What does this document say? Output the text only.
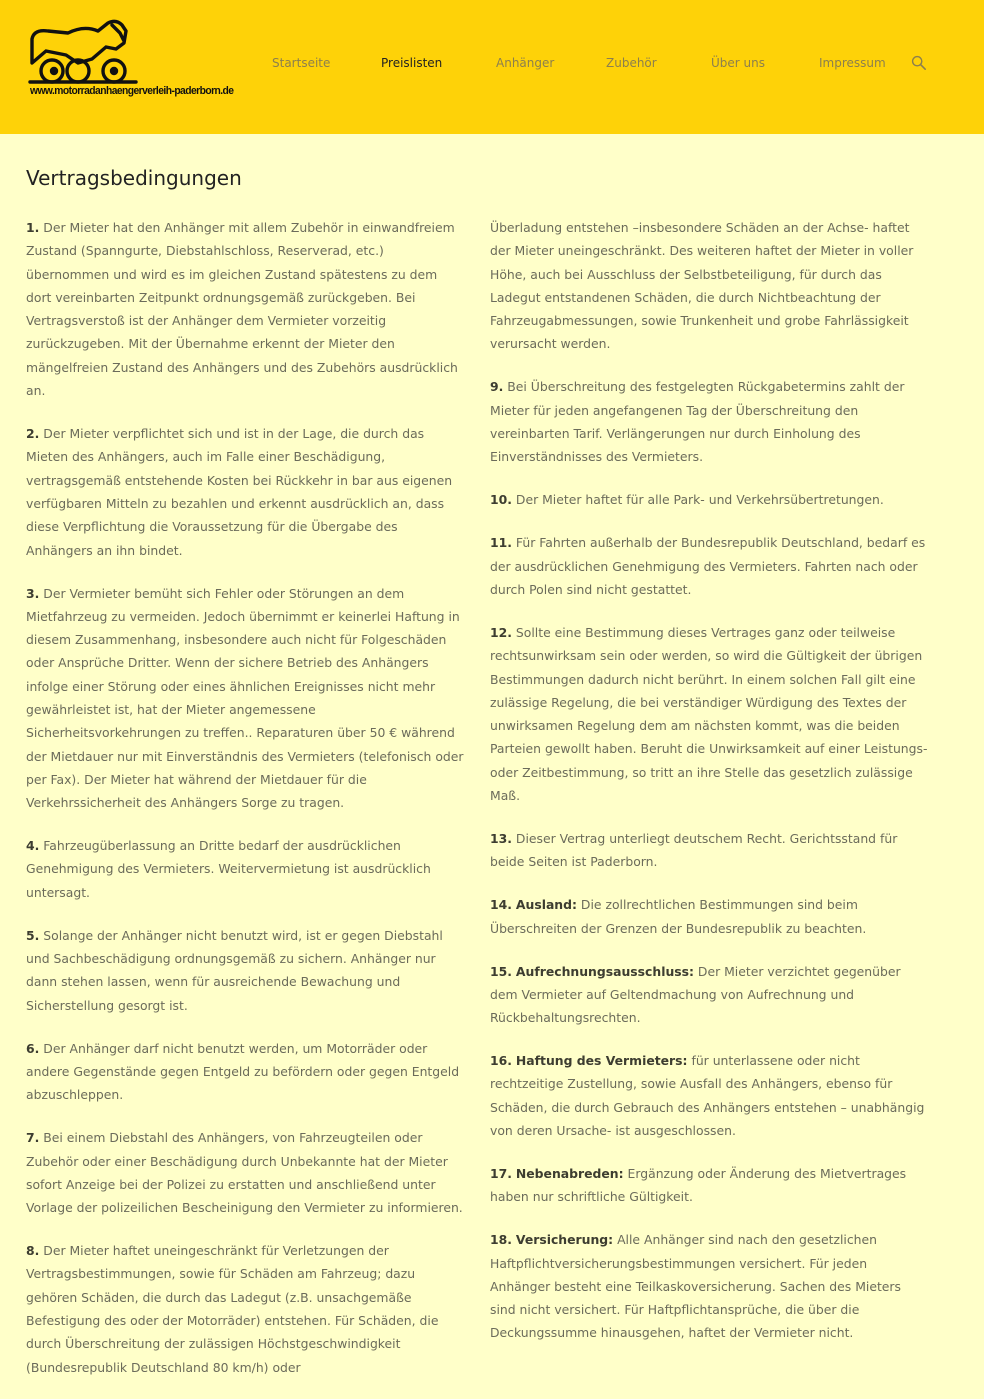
www.motorradanhaengerverleih-paderborn.de
Startseite	Preislisten	Anhänger	Zubehör	Über uns	Impressum
Vertragsbedingungen

1. Der Mieter hat den Anhänger mit allem Zubehör in einwandfreiem Zustand (Spanngurte, Diebstahlschloss, Reserverad, etc.) übernommen und wird es im gleichen Zustand spätestens zu dem dort vereinbarten Zeitpunkt ordnungsgemäß zurückgeben. Bei Vertragsverstoß ist der Anhänger dem Vermieter vorzeitig zurückzugeben. Mit der Übernahme erkennt der Mieter den mängelfreien Zustand des Anhängers und des Zubehörs ausdrücklich an.

2. Der Mieter verpflichtet sich und ist in der Lage, die durch das Mieten des Anhängers, auch im Falle einer Beschädigung, vertragsgemäß entstehende Kosten bei Rückkehr in bar aus eigenen verfügbaren Mitteln zu bezahlen und erkennt ausdrücklich an, dass diese Verpflichtung die Voraussetzung für die Übergabe des Anhängers an ihn bindet.

3. Der Vermieter bemüht sich Fehler oder Störungen an dem Mietfahrzeug zu vermeiden. Jedoch übernimmt er keinerlei Haftung in diesem Zusammenhang, insbesondere auch nicht für Folgeschäden oder Ansprüche Dritter. Wenn der sichere Betrieb des Anhängers infolge einer Störung oder eines ähnlichen Ereignisses nicht mehr gewährleistet ist, hat der Mieter angemessene Sicherheitsvorkehrungen zu treffen.. Reparaturen über 50 € während der Mietdauer nur mit Einverständnis des Vermieters (telefonisch oder per Fax). Der Mieter hat während der Mietdauer für die Verkehrssicherheit des Anhängers Sorge zu tragen.

4. Fahrzeugüberlassung an Dritte bedarf der ausdrücklichen Genehmigung des Vermieters. Weitervermietung ist ausdrücklich untersagt.

5. Solange der Anhänger nicht benutzt wird, ist er gegen Diebstahl und Sachbeschädigung ordnungsgemäß zu sichern. Anhänger nur dann stehen lassen, wenn für ausreichende Bewachung und Sicherstellung gesorgt ist.

6. Der Anhänger darf nicht benutzt werden, um Motorräder oder andere Gegenstände gegen Entgeld zu befördern oder gegen Entgeld abzuschleppen.

7. Bei einem Diebstahl des Anhängers, von Fahrzeugteilen oder Zubehör oder einer Beschädigung durch Unbekannte hat der Mieter sofort Anzeige bei der Polizei zu erstatten und anschließend unter Vorlage der polizeilichen Bescheinigung den Vermieter zu informieren.

8. Der Mieter haftet uneingeschränkt für Verletzungen der Vertragsbestimmungen, sowie für Schäden am Fahrzeug; dazu gehören Schäden, die durch das Ladegut (z.B. unsachgemäße Befestigung des oder der Motorräder) entstehen. Für Schäden, die durch Überschreitung der zulässigen Höchstgeschwindigkeit (Bundesrepublik Deutschland 80 km/h) oder

Überladung entstehen –insbesondere Schäden an der Achse- haftet der Mieter uneingeschränkt. Des weiteren haftet der Mieter in voller Höhe, auch bei Ausschluss der Selbstbeteiligung, für durch das Ladegut entstandenen Schäden, die durch Nichtbeachtung der Fahrzeugabmessungen, sowie Trunkenheit und grobe Fahrlässigkeit verursacht werden.

9. Bei Überschreitung des festgelegten Rückgabetermins zahlt der Mieter für jeden angefangenen Tag der Überschreitung den vereinbarten Tarif. Verlängerungen nur durch Einholung des Einverständnisses des Vermieters.

10. Der Mieter haftet für alle Park- und Verkehrsübertretungen.

11. Für Fahrten außerhalb der Bundesrepublik Deutschland, bedarf es der ausdrücklichen Genehmigung des Vermieters. Fahrten nach oder durch Polen sind nicht gestattet.

12. Sollte eine Bestimmung dieses Vertrages ganz oder teilweise rechtsunwirksam sein oder werden, so wird die Gültigkeit der übrigen Bestimmungen dadurch nicht berührt. In einem solchen Fall gilt eine zulässige Regelung, die bei verständiger Würdigung des Textes der unwirksamen Regelung dem am nächsten kommt, was die beiden Parteien gewollt haben. Beruht die Unwirksamkeit auf einer Leistungs- oder Zeitbestimmung, so tritt an ihre Stelle das gesetzlich zulässige Maß.

13. Dieser Vertrag unterliegt deutschem Recht. Gerichtsstand für beide Seiten ist Paderborn.

14. Ausland: Die zollrechtlichen Bestimmungen sind beim Überschreiten der Grenzen der Bundesrepublik zu beachten.

15. Aufrechnungsausschluss: Der Mieter verzichtet gegenüber dem Vermieter auf Geltendmachung von Aufrechnung und Rückbehaltungsrechten.

16. Haftung des Vermieters: für unterlassene oder nicht rechtzeitige Zustellung, sowie Ausfall des Anhängers, ebenso für Schäden, die durch Gebrauch des Anhängers entstehen – unabhängig von deren Ursache- ist ausgeschlossen.

17. Nebenabreden: Ergänzung oder Änderung des Mietvertrages haben nur schriftliche Gültigkeit.

18. Versicherung: Alle Anhänger sind nach den gesetzlichen Haftpflichtversicherungsbestimmungen versichert. Für jeden Anhänger besteht eine Teilkaskoversicherung. Sachen des Mieters sind nicht versichert. Für Haftpflichtansprüche, die über die Deckungssumme hinausgehen, haftet der Vermieter nicht.
